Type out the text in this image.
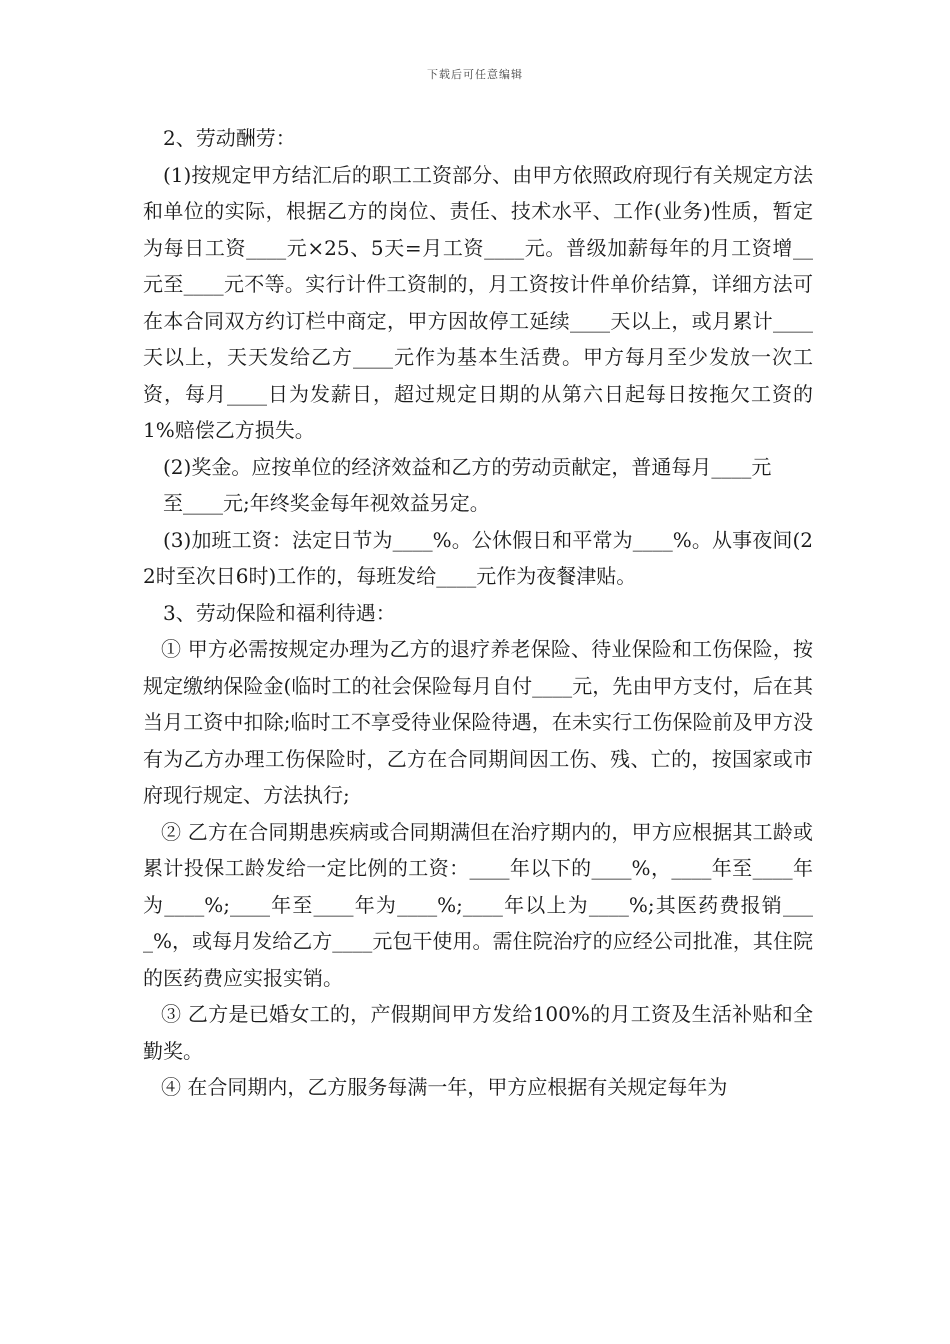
下载后可任意编辑

2、劳动酬劳：

(1)按规定甲方结汇后的职工工资部分、由甲方依照政府现行有关规定方法和单位的实际，根据乙方的岗位、责任、技术水平、工作(业务)性质，暂定为每日工资____元×25、5天=月工资____元。普级加薪每年的月工资增__元至____元不等。实行计件工资制的，月工资按计件单价结算，详细方法可在本合同双方约订栏中商定，甲方因故停工延续____天以上，或月累计____天以上，天天发给乙方____元作为基本生活费。甲方每月至少发放一次工资，每月____日为发薪日，超过规定日期的从第六日起每日按拖欠工资的1%赔偿乙方损失。

(2)奖金。应按单位的经济效益和乙方的劳动贡献定，普通每月____元

至____元;年终奖金每年视效益另定。

(3)加班工资：法定日节为____%。公休假日和平常为____%。从事夜间(22时至次日6时)工作的，每班发给____元作为夜餐津贴。

3、劳动保险和福利待遇：

① 甲方必需按规定办理为乙方的退疗养老保险、待业保险和工伤保险，按规定缴纳保险金(临时工的社会保险每月自付____元，先由甲方支付，后在其当月工资中扣除;临时工不享受待业保险待遇，在未实行工伤保险前及甲方没有为乙方办理工伤保险时，乙方在合同期间因工伤、残、亡的，按国家或市府现行规定、方法执行;

② 乙方在合同期患疾病或合同期满但在治疗期内的，甲方应根据其工龄或累计投保工龄发给一定比例的工资：____年以下的____%，____年至____年为____%;____年至____年为____%;____年以上为____%;其医药费报销____%，或每月发给乙方____元包干使用。需住院治疗的应经公司批准，其住院的医药费应实报实销。

③ 乙方是已婚女工的，产假期间甲方发给100%的月工资及生活补贴和全勤奖。

④ 在合同期内，乙方服务每满一年，甲方应根据有关规定每年为
